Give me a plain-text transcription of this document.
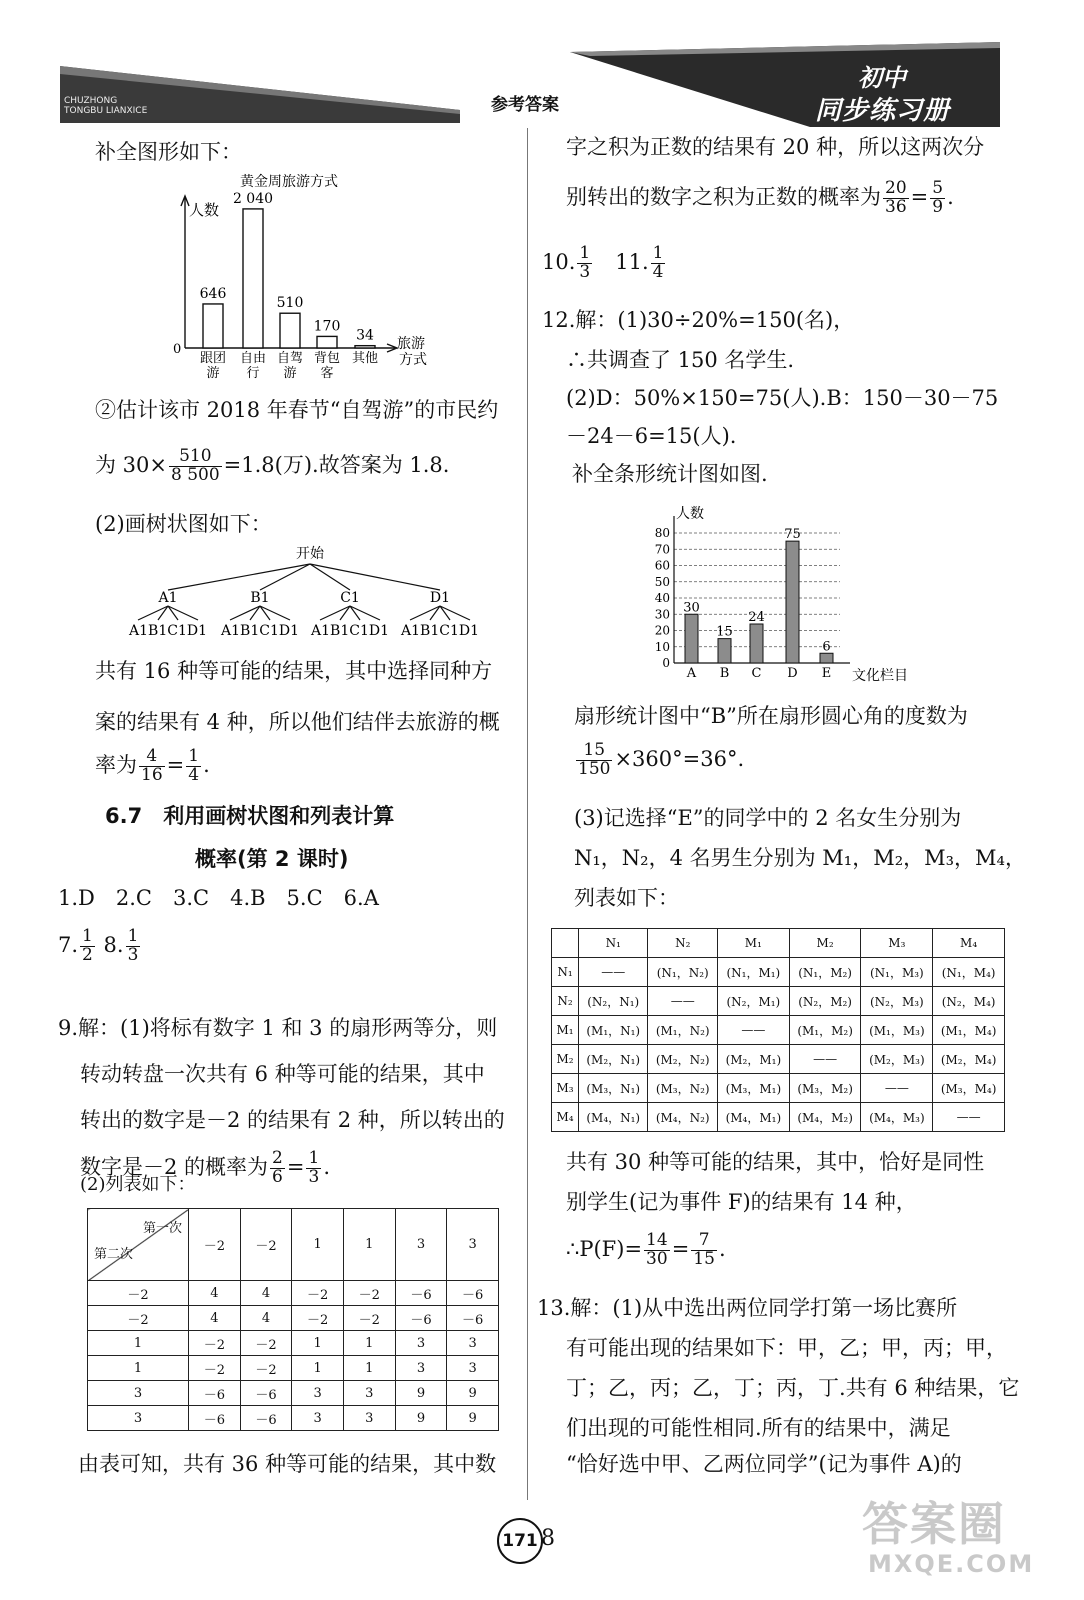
CHUZHONG
TONGBU LIANXICE	参考答案
初中
同步练习册
补全图形如下：
0
人数
黄金周旅游方式
旅游
方式
646
跟团
游
2 040
自由
行
510
自驾
游
170
背包
客
34
其他
②估计该市 2018 年春节“自驾游”的市民约
为 $30\times \frac{510}{8 500} =1.8$(万).故答案为 1.8.
(2)画树状图如下：
开始
A1
A1B1C1D1
B1
A1B1C1D1
C1
A1B1C1D1
D1
A1B1C1D1
共有 16 种等可能的结果，其中选择同种方
案的结果有 4 种，所以他们结伴去旅游的概
率为 $\frac{4}{16} = \frac{1}{4}$ .
6.7　利用画树状图和列表计算
概率(第 2 课时)
1.D　2.C　3.C　4.B　5.C　6.A
7. $\frac{1}{2} 8$. $\frac{1}{3}$
9.解：(1)将标有数字 1 和 3 的扇形两等分，则
转动转盘一次共有 6 种等可能的结果，其中
转出的数字是－2 的结果有 2 种，所以转出的
数字是－2 的概率为 $\frac{2}{6} = \frac{1}{3}$ .
(2)列表如下：
第一次
第二次	－2	－2	1	1	3	3
－2	4	4	－2	－2	－6	－6
－2	4	4	－2	－2	－6	－6
1	－2	－2	1	1	3	3
1	－2	－2	1	1	3	3
3	－6	－6	3	3	9	9
3	－6	－6	3	3	9	9
由表可知，共有 36 种等可能的结果，其中数
字之积为正数的结果有 20 种，所以这两次分
别转出的数字之积为正数的概率为 $\frac{20}{36} = \frac{5}{9}$ .
10. $\frac{1}{3}$ 　11. $\frac{1}{4}$
12.解：(1)30÷20%=150(名)，
∴共调查了 150 名学生.
(2)D：50%×150=75(人).B：150－30－75
－24－6=15(人).
补全条形统计图如图.
0
10
20
30
40
50
60
70
80
人数
文化栏目
30
A
15
B
24
C
75
D
6
E
扇形统计图中“B”所在扇形圆心角的度数为
$\frac{15}{150} \times 360^\circ=36^\circ$.
(3)记选择“E”的同学中的 2 名女生分别为
N₁，N₂，4 名男生分别为 M₁，M₂，M₃，M₄，
列表如下：
	N₁	N₂	M₁	M₂	M₃	M₄
N₁	——	(N₁，N₂)	(N₁，M₁)	(N₁，M₂)	(N₁，M₃)	(N₁，M₄)
N₂	(N₂，N₁)	——	(N₂，M₁)	(N₂，M₂)	(N₂，M₃)	(N₂，M₄)
M₁	(M₁，N₁)	(M₁，N₂)	——	(M₁，M₂)	(M₁，M₃)	(M₁，M₄)
M₂	(M₂，N₁)	(M₂，N₂)	(M₂，M₁)	——	(M₂，M₃)	(M₂，M₄)
M₃	(M₃，N₁)	(M₃，N₂)	(M₃，M₁)	(M₃，M₂)	——	(M₃，M₄)
M₄	(M₄，N₁)	(M₄，N₂)	(M₄，M₁)	(M₄，M₂)	(M₄，M₃)	——
共有 30 种等可能的结果，其中，恰好是同性
别学生(记为事件 F)的结果有 14 种，
∴P(F)= $\frac{14}{30} = \frac{7}{15}$ .
13.解：(1)从中选出两位同学打第一场比赛所
有可能出现的结果如下：甲，乙；甲，丙；甲，
丁；乙，丙；乙，丁；丙，丁.共有 6 种结果，它
们出现的可能性相同.所有的结果中，满足
“恰好选中甲、乙两位同学”(记为事件 A)的
171 8	答案圈
MXQE.COM
